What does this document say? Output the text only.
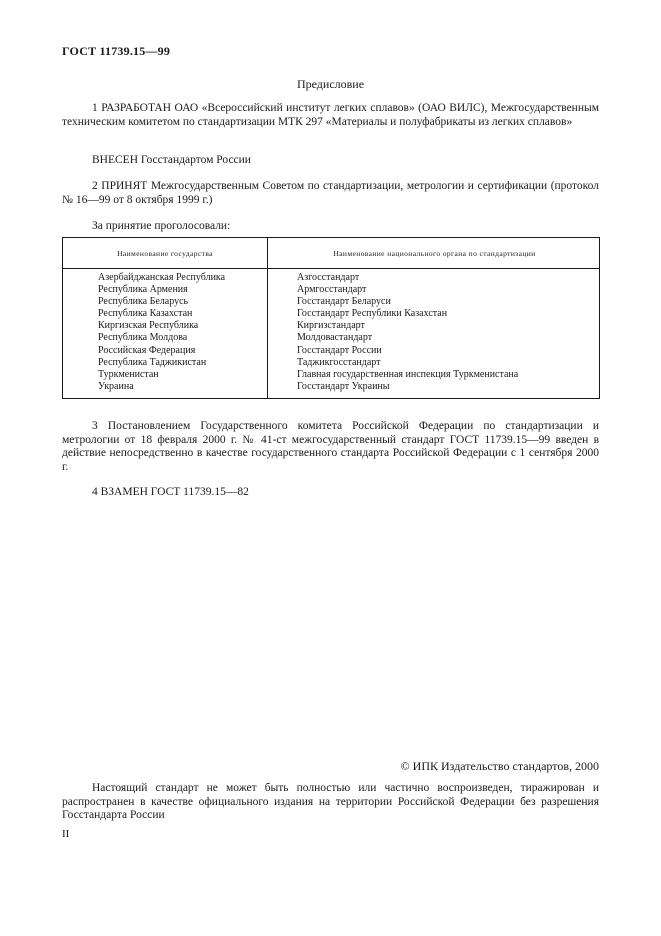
ГОСТ 11739.15—99
Предисловие
1 РАЗРАБОТАН ОАО «Всероссийский институт легких сплавов» (ОАО ВИЛС), Межгосударственным техническим комитетом по стандартизации МТК 297 «Материалы и полуфабрикаты из легких сплавов»
ВНЕСЕН Госстандартом России
2 ПРИНЯТ Межгосударственным Советом по стандартизации, метрологии и сертификации (протокол № 16—99 от 8 октября 1999 г.)
За принятие проголосовали:
Наименование государства	Наименование национального органа по стандартизации
Азербайджанская Республика
Республика Армения
Республика Беларусь
Республика Казахстан
Киргизская Республика
Республика Молдова
Российская Федерация
Республика Таджикистан
Туркменистан
Украина
Азгосстандарт
Армгосстандарт
Госстандарт Беларуси
Госстандарт Республики Казахстан
Киргизстандарт
Молдовастандарт
Госстандарт России
Таджикгосстандарт
Главная государственная инспекция Туркменистана
Госстандарт Украины
3 Постановлением Государственного комитета Российской Федерации по стандартизации и метрологии от 18 февраля 2000 г. № 41-ст межгосударственный стандарт ГОСТ 11739.15—99 введен в действие непосредственно в качестве государственного стандарта Российской Федерации с 1 сентября 2000 г.
4 ВЗАМЕН ГОСТ 11739.15—82
© ИПК Издательство стандартов, 2000
Настоящий стандарт не может быть полностью или частично воспроизведен, тиражирован и распространен в качестве официального издания на территории Российской Федерации без разрешения Госстандарта России
II
